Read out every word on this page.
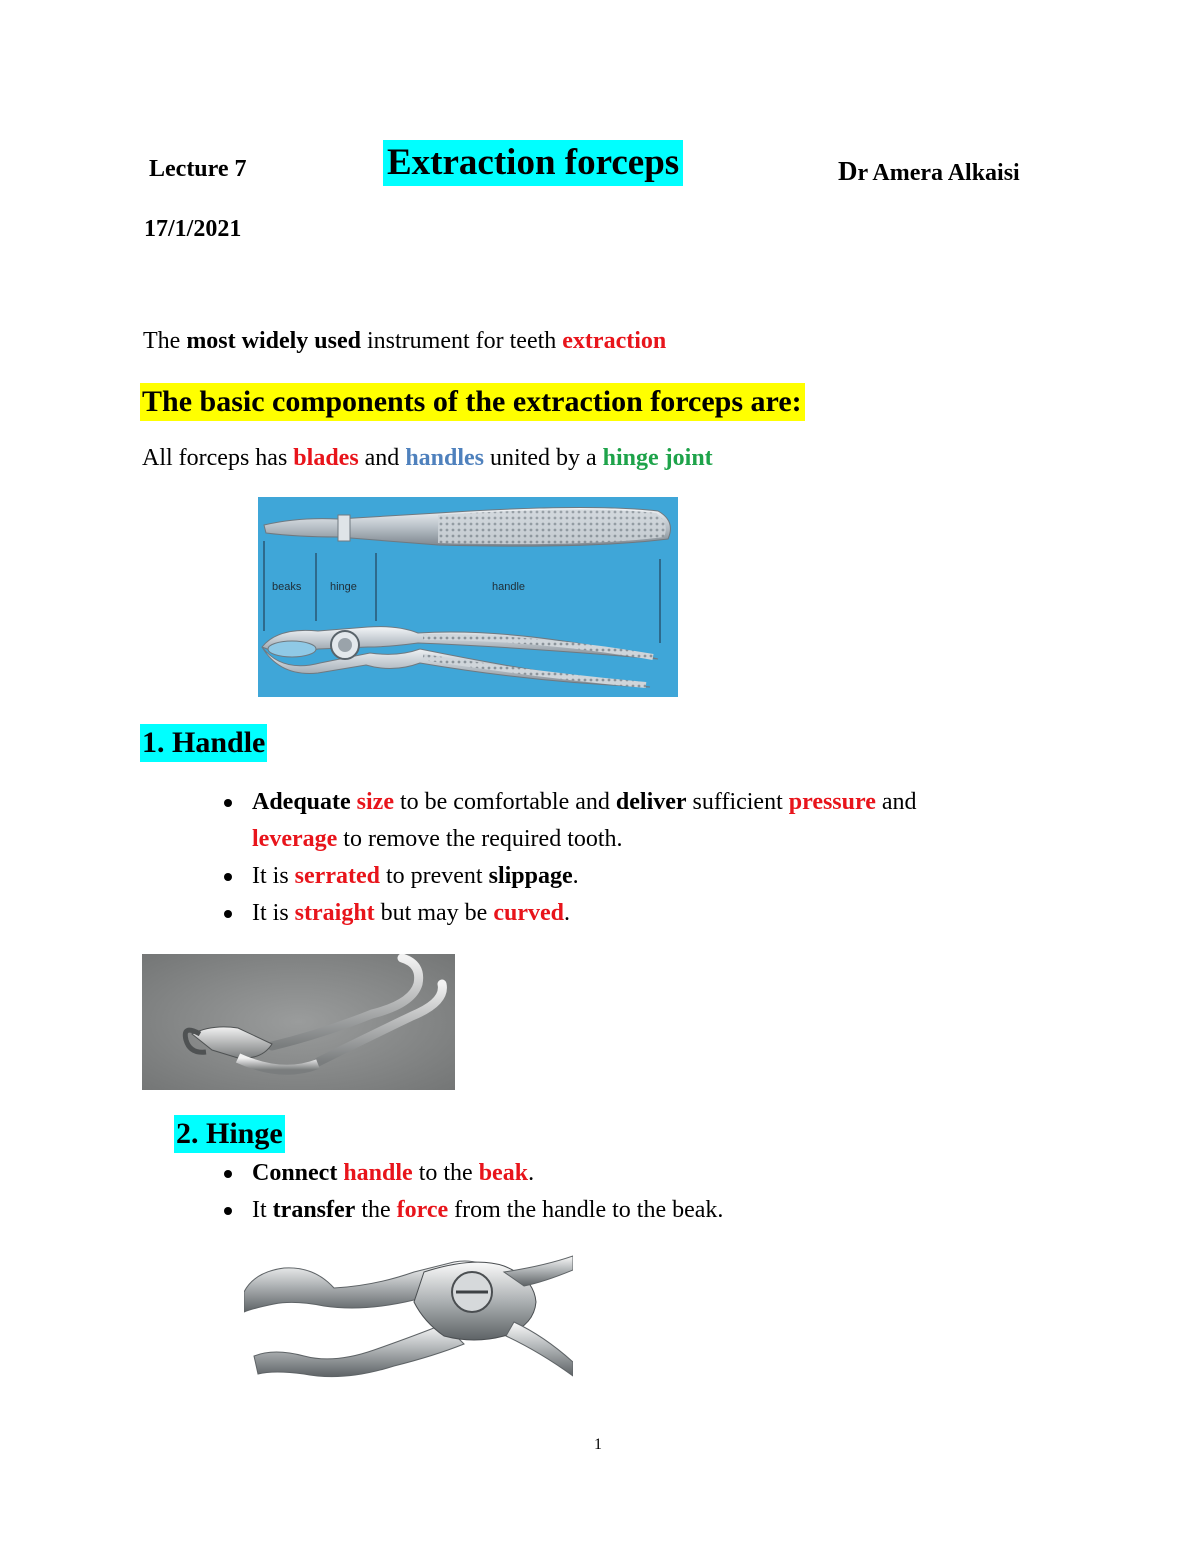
Lecture 7	Extraction forceps	Dr Amera Alkaisi
17/1/2021
The most widely used instrument for teeth extraction
The basic components of the extraction forceps are:
All forceps has blades and handles united by a hinge joint
beaks	hinge	handle
1. Handle
Adequate size to be comfortable and deliver sufficient pressure and
leverage to remove the required tooth.
It is serrated to prevent slippage.
It is straight but may be curved.
2. Hinge
Connect handle to the beak.
It transfer the force from the handle to the beak.
1
